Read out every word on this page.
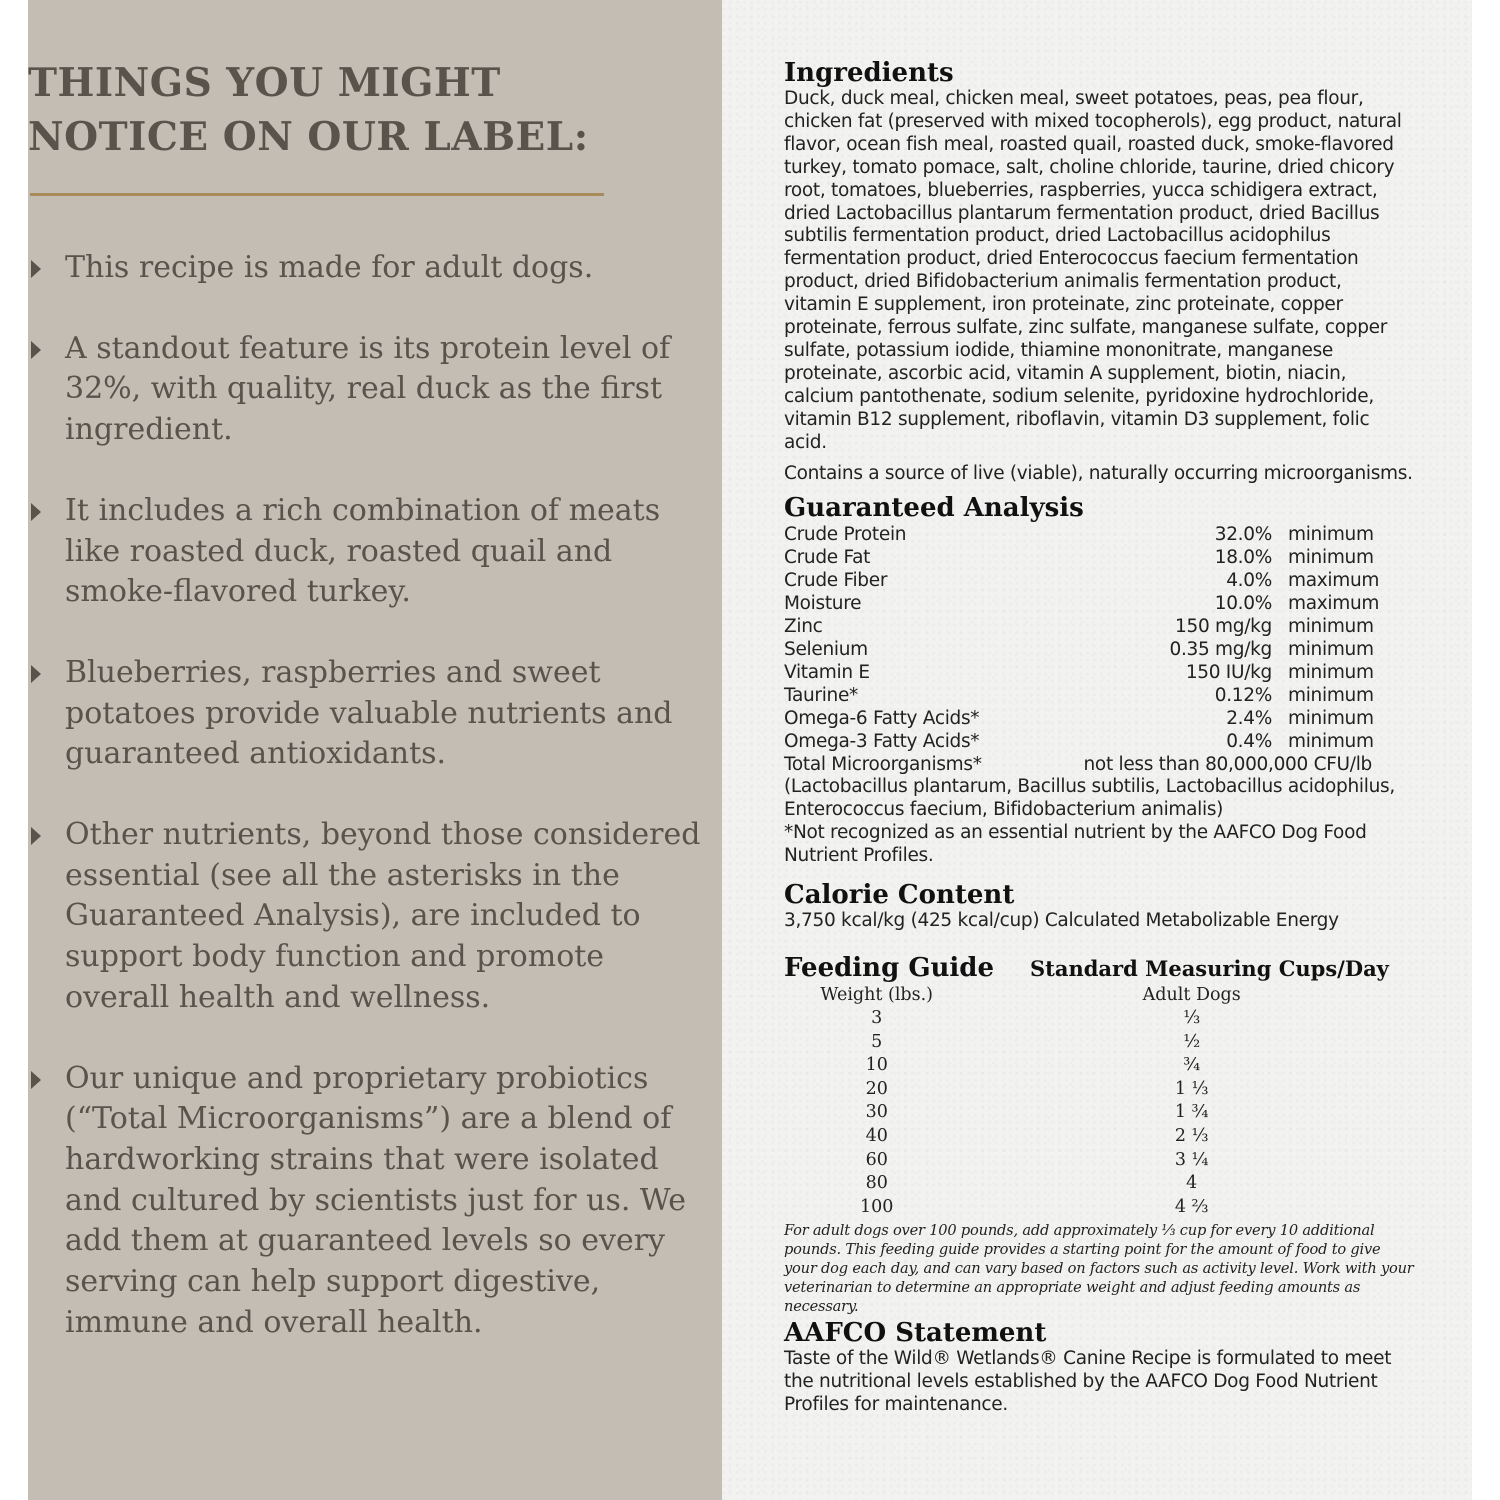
THINGS YOU MIGHT NOTICE ON OUR LABEL:
This recipe is made for adult dogs.
A standout feature is its protein level of 32%, with quality, real duck as the first ingredient.
It includes a rich combination of meats like roasted duck, roasted quail and smoke-flavored turkey.
Blueberries, raspberries and sweet potatoes provide valuable nutrients and guaranteed antioxidants.
Other nutrients, beyond those considered essential (see all the asterisks in the Guaranteed Analysis), are included to support body function and promote overall health and wellness.
Our unique and proprietary probiotics (“Total Microorganisms”) are a blend of hardworking strains that were isolated and cultured by scientists just for us. We add them at guaranteed levels so every serving can help support digestive, immune and overall health.
Ingredients
Duck, duck meal, chicken meal, sweet potatoes, peas, pea flour, chicken fat (preserved with mixed tocopherols), egg product, natural flavor, ocean fish meal, roasted quail, roasted duck, smoke-flavored turkey, tomato pomace, salt, choline chloride, taurine, dried chicory root, tomatoes, blueberries, raspberries, yucca schidigera extract, dried Lactobacillus plantarum fermentation product, dried Bacillus subtilis fermentation product, dried Lactobacillus acidophilus fermentation product, dried Enterococcus faecium fermentation product, dried Bifidobacterium animalis fermentation product, vitamin E supplement, iron proteinate, zinc proteinate, copper proteinate, ferrous sulfate, zinc sulfate, manganese sulfate, copper sulfate, potassium iodide, thiamine mononitrate, manganese proteinate, ascorbic acid, vitamin A supplement, biotin, niacin, calcium pantothenate, sodium selenite, pyridoxine hydrochloride, vitamin B12 supplement, riboflavin, vitamin D3 supplement, folic acid.
Contains a source of live (viable), naturally occurring microorganisms.
Guaranteed Analysis
Crude Protein	32.0% minimum
Crude Fat	18.0% minimum
Crude Fiber	4.0% maximum
Moisture	10.0% maximum
Zinc	150 mg/kg minimum
Selenium	0.35 mg/kg minimum
Vitamin E	150 IU/kg minimum
Taurine*	0.12% minimum
Omega-6 Fatty Acids*	2.4% minimum
Omega-3 Fatty Acids*	0.4% minimum
Total Microorganisms*	not less than 80,000,000 CFU/lb
(Lactobacillus plantarum, Bacillus subtilis, Lactobacillus acidophilus, Enterococcus faecium, Bifidobacterium animalis)
*Not recognized as an essential nutrient by the AAFCO Dog Food Nutrient Profiles.
Calorie Content
3,750 kcal/kg (425 kcal/cup) Calculated Metabolizable Energy
Feeding Guide	Standard Measuring Cups/Day
Weight (lbs.)	Adult Dogs
3	⅓
5	½
10	¾
20	1 ⅓
30	1 ¾
40	2 ⅓
60	3 ¼
80	4
100	4 ⅔
For adult dogs over 100 pounds, add approximately ⅓ cup for every 10 additional pounds. This feeding guide provides a starting point for the amount of food to give your dog each day, and can vary based on factors such as activity level. Work with your veterinarian to determine an appropriate weight and adjust feeding amounts as necessary.
AAFCO Statement
Taste of the Wild® Wetlands® Canine Recipe is formulated to meet the nutritional levels established by the AAFCO Dog Food Nutrient Profiles for maintenance.
